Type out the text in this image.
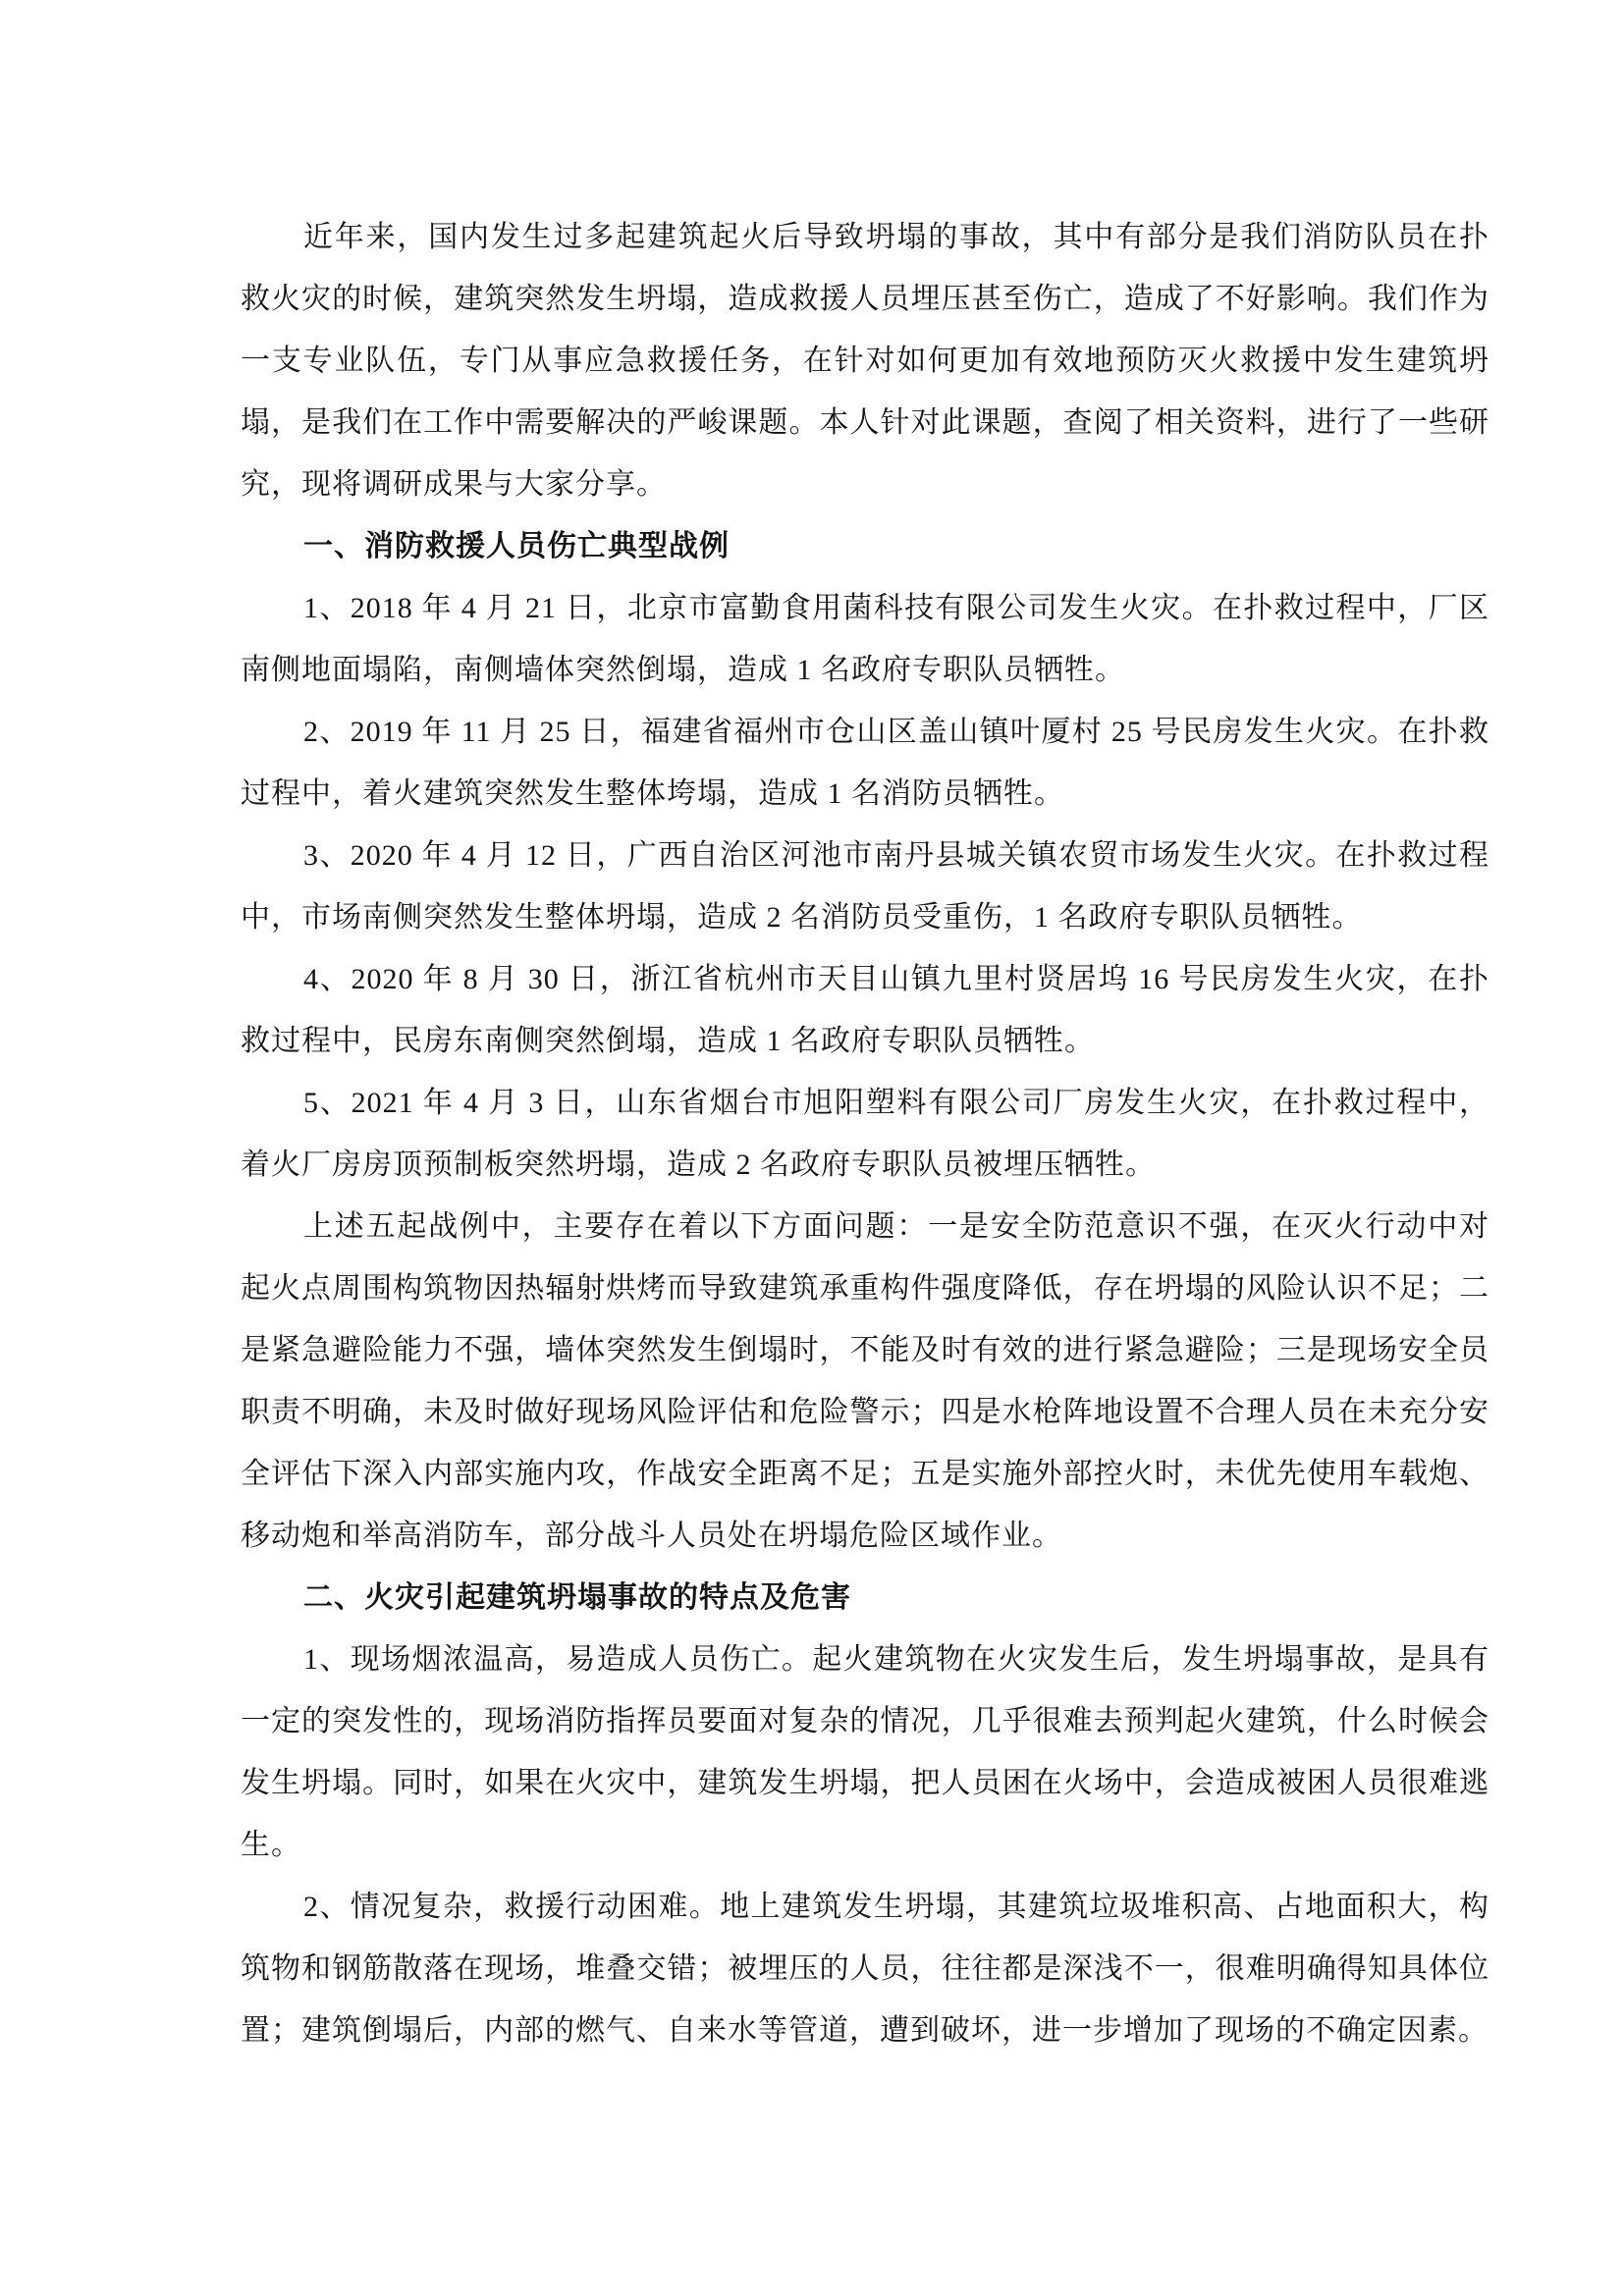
近年来，国内发生过多起建筑起火后导致坍塌的事故，其中有部分是我们消防队员在扑救火灾的时候，建筑突然发生坍塌，造成救援人员埋压甚至伤亡，造成了不好影响。我们作为一支专业队伍，专门从事应急救援任务，在针对如何更加有效地预防灭火救援中发生建筑坍塌，是我们在工作中需要解决的严峻课题。本人针对此课题，查阅了相关资料，进行了一些研究，现将调研成果与大家分享。

一、消防救援人员伤亡典型战例

1、2018 年 4 月 21 日，北京市富勤食用菌科技有限公司发生火灾。在扑救过程中，厂区南侧地面塌陷，南侧墙体突然倒塌，造成 1 名政府专职队员牺牲。

2、2019 年 11 月 25 日，福建省福州市仓山区盖山镇叶厦村 25 号民房发生火灾。在扑救过程中，着火建筑突然发生整体垮塌，造成 1 名消防员牺牲。

3、2020 年 4 月 12 日，广西自治区河池市南丹县城关镇农贸市场发生火灾。在扑救过程中，市场南侧突然发生整体坍塌，造成 2 名消防员受重伤，1 名政府专职队员牺牲。

4、2020 年 8 月 30 日，浙江省杭州市天目山镇九里村贤居坞 16 号民房发生火灾，在扑救过程中，民房东南侧突然倒塌，造成 1 名政府专职队员牺牲。

5、2021 年 4 月 3 日，山东省烟台市旭阳塑料有限公司厂房发生火灾，在扑救过程中，着火厂房房顶预制板突然坍塌，造成 2 名政府专职队员被埋压牺牲。

上述五起战例中，主要存在着以下方面问题：一是安全防范意识不强，在灭火行动中对起火点周围构筑物因热辐射烘烤而导致建筑承重构件强度降低，存在坍塌的风险认识不足；二是紧急避险能力不强，墙体突然发生倒塌时，不能及时有效的进行紧急避险；三是现场安全员职责不明确，未及时做好现场风险评估和危险警示；四是水枪阵地设置不合理人员在未充分安全评估下深入内部实施内攻，作战安全距离不足；五是实施外部控火时，未优先使用车载炮、移动炮和举高消防车，部分战斗人员处在坍塌危险区域作业。

二、火灾引起建筑坍塌事故的特点及危害

1、现场烟浓温高，易造成人员伤亡。起火建筑物在火灾发生后，发生坍塌事故，是具有一定的突发性的，现场消防指挥员要面对复杂的情况，几乎很难去预判起火建筑，什么时候会发生坍塌。同时，如果在火灾中，建筑发生坍塌，把人员困在火场中，会造成被困人员很难逃生。

2、情况复杂，救援行动困难。地上建筑发生坍塌，其建筑垃圾堆积高、占地面积大，构筑物和钢筋散落在现场，堆叠交错；被埋压的人员，往往都是深浅不一，很难明确得知具体位置；建筑倒塌后，内部的燃气、自来水等管道，遭到破坏，进一步增加了现场的不确定因素。
